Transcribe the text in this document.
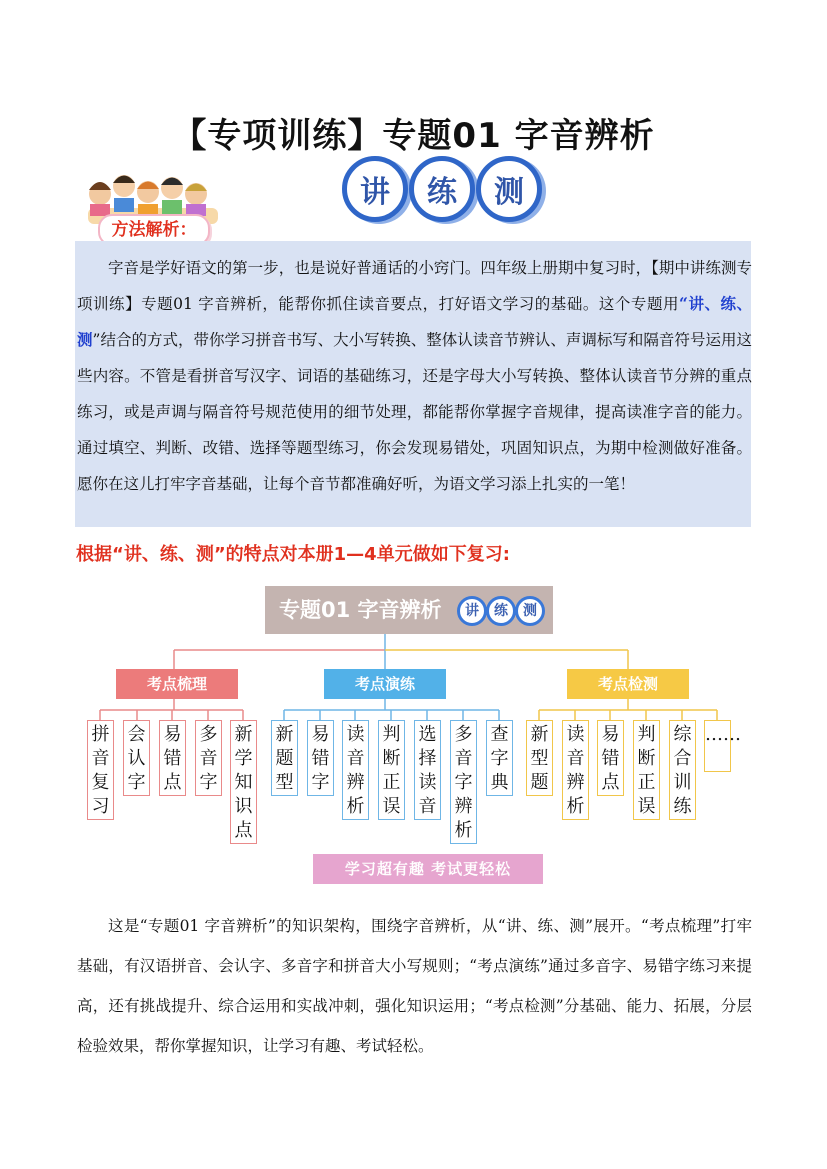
【专项训练】专题01 字音辨析
讲	练	测
方法解析：
字音是学好语文的第一步，也是说好普通话的小窍门。四年级上册期中复习时，【期中讲练测专项训练】专题01 字音辨析，能帮你抓住读音要点，打好语文学习的基础。这个专题用“讲、练、测”结合的方式，带你学习拼音书写、大小写转换、整体认读音节辨认、声调标写和隔音符号运用这些内容。不管是看拼音写汉字、词语的基础练习，还是字母大小写转换、整体认读音节分辨的重点练习，或是声调与隔音符号规范使用的细节处理，都能帮你掌握字音规律，提高读准字音的能力。通过填空、判断、改错、选择等题型练习，你会发现易错处，巩固知识点，为期中检测做好准备。愿你在这儿打牢字音基础，让每个音节都准确好听，为语文学习添上扎实的一笔！
根据“讲、练、测”的特点对本册1—4单元做如下复习:
专题01 字音辨析	讲	练	测
考点梳理	考点演练	考点检测
拼音复习
会认字
易错点
多音字
新学知识点
新题型
易错字
读音辨析
判断正误
选择读音
多音字辨析
查字典
新型题
读音辨析
易错点
判断正误
综合训练
……
学习超有趣 考试更轻松
这是“专题01 字音辨析”的知识架构，围绕字音辨析，从“讲、练、测”展开。“考点梳理”打牢基础，有汉语拼音、会认字、多音字和拼音大小写规则；“考点演练”通过多音字、易错字练习来提高，还有挑战提升、综合运用和实战冲刺，强化知识运用；“考点检测”分基础、能力、拓展，分层检验效果，帮你掌握知识，让学习有趣、考试轻松。
